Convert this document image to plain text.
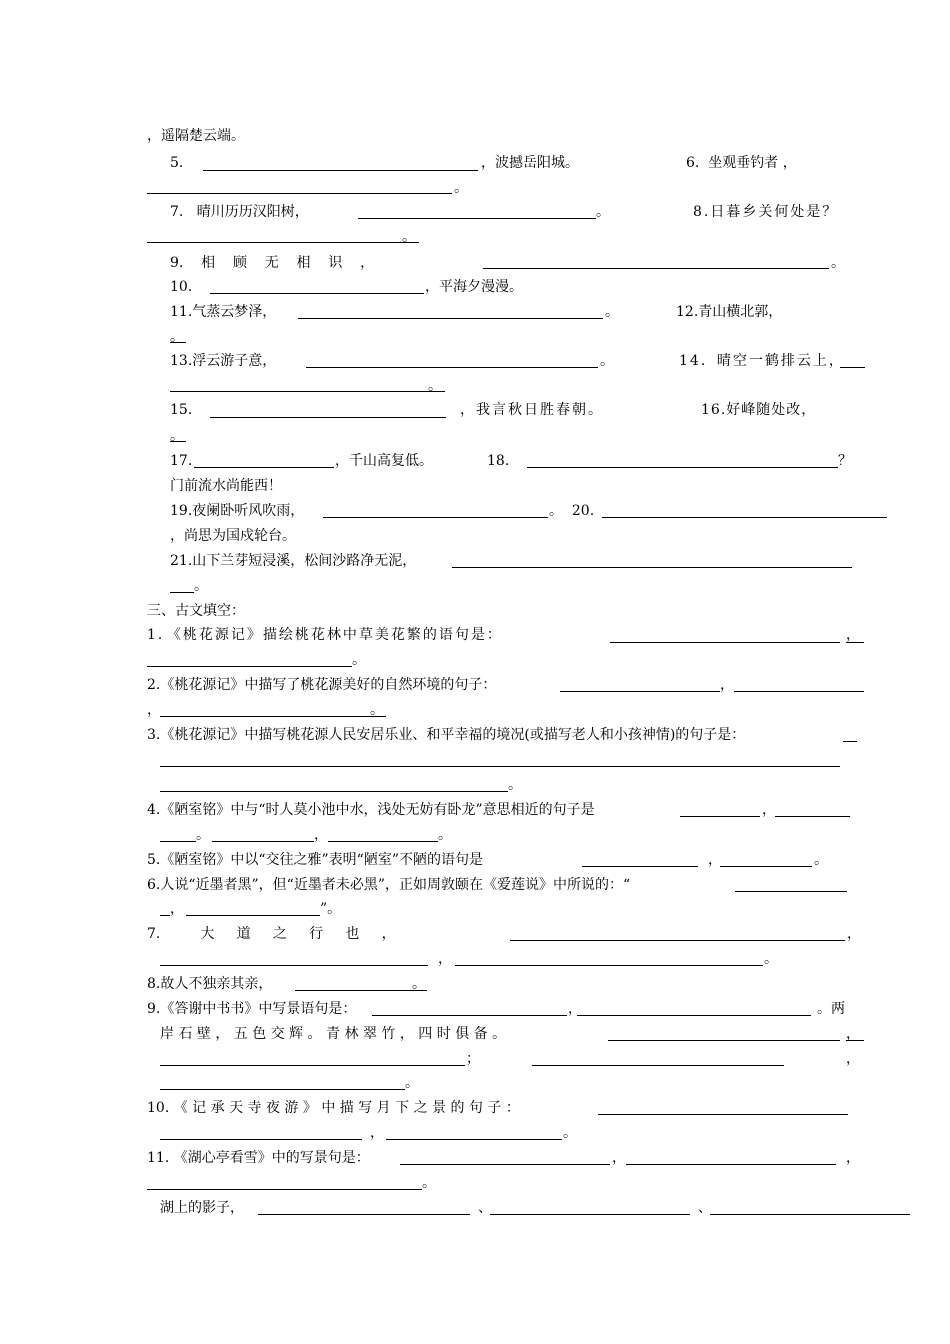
，遥隔楚云端。
5.	，波撼岳阳城。	6.  坐观垂钓者 ，
。
7.   晴川历历汉阳树，	。	8.日暮乡关何处是？
。
9.    相    顾    无    相    识    ，	。
10.	，平海夕漫漫。
11.气蒸云梦泽，	。	12.青山横北郭，
。
13.浮云游子意，	。	14．晴空一鹤排云上，
。
15.	，我言秋日胜春朝。	16.好峰随处改，
。
17.	，千山高复低。	18.	？
门前流水尚能西！
19.夜阑卧听风吹雨，	。  20.
，尚思为国戍轮台。
21.山下兰芽短浸溪，松间沙路净无泥，
。
三、古文填空：
1．《桃花源记》描绘桃花林中草美花繁的语句是：	，
。
2.《桃花源记》中描写了桃花源美好的自然环境的句子：	，
，	。
3.《桃花源记》中描写桃花源人民安居乐业、和平幸福的境况(或描写老人和小孩神情)的句子是：
。
4.《陋室铭》中与“时人莫小池中水，浅处无妨有卧龙”意思相近的句子是	，
。	，	。
5.《陋室铭》中以“交往之雅”表明“陋室”不陋的语句是	，	。
6.人说“近墨者黑”，但“近墨者未必黑”，正如周敦颐在《爱莲说》中所说的：“
，	”。
7.         大     道     之     行     也     ，	，
，	。
8.故人不独亲其亲，	。
9.《答谢中书书》中写景语句是：	，	。两
岸 石 壁 ， 五 色 交 辉 。 青 林 翠 竹 ， 四 时 俱 备 。	，
；	，
。
10. 《 记 承 天 寺 夜 游 》 中 描 写 月 下 之 景 的 句 子 ：
，	。
11. 《湖心亭看雪》中的写景句是：	，	，
。
湖上的影子，	、	、
